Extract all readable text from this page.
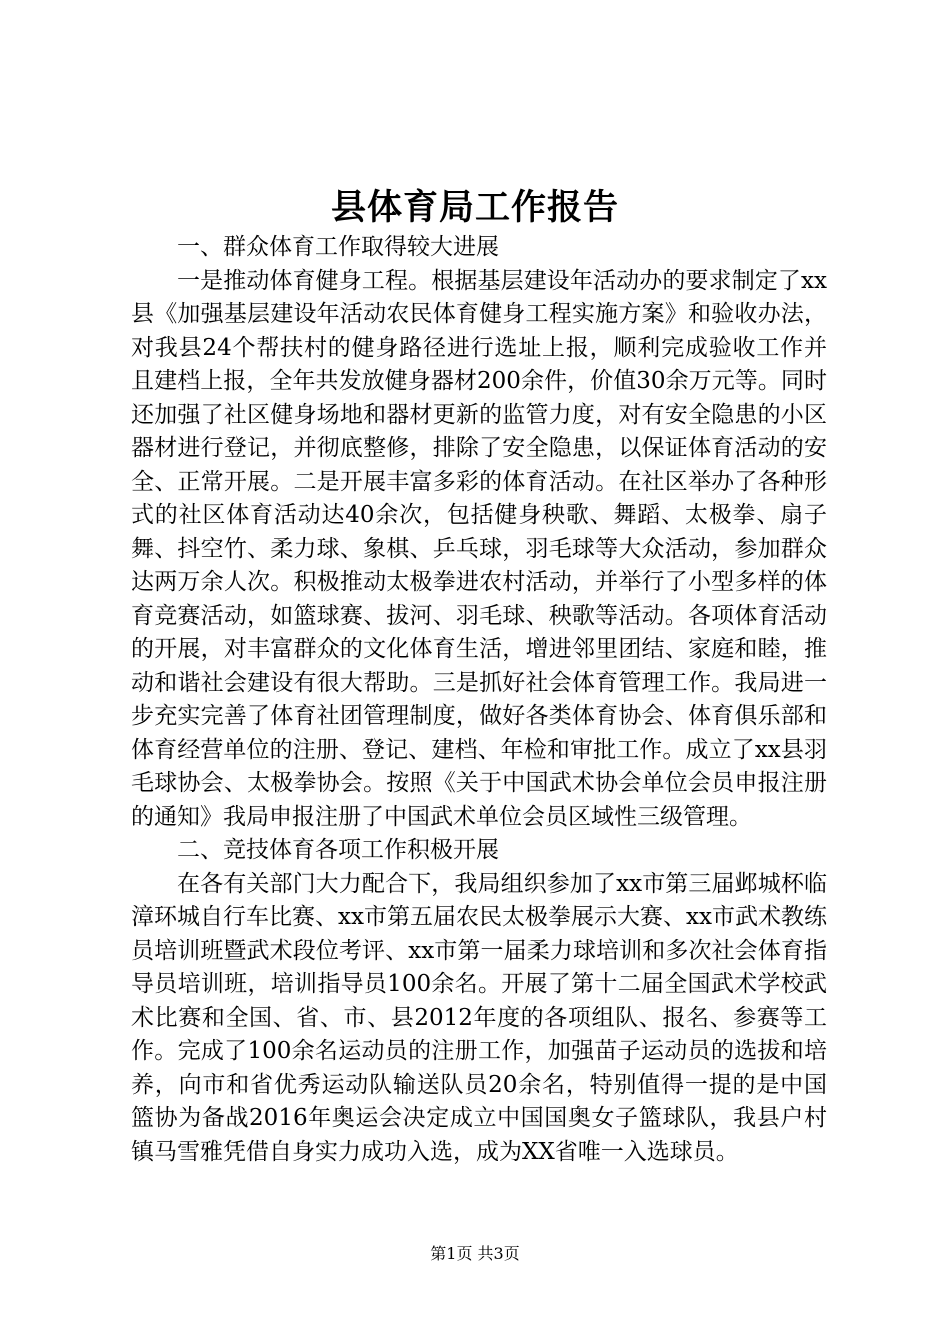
县体育局工作报告

一、群众体育工作取得较大进展

一是推动体育健身工程。根据基层建设年活动办的要求制定了xx县《加强基层建设年活动农民体育健身工程实施方案》和验收办法，对我县24个帮扶村的健身路径进行选址上报，顺利完成验收工作并且建档上报，全年共发放健身器材200余件，价值30余万元等。同时还加强了社区健身场地和器材更新的监管力度，对有安全隐患的小区器材进行登记，并彻底整修，排除了安全隐患，以保证体育活动的安全、正常开展。二是开展丰富多彩的体育活动。在社区举办了各种形式的社区体育活动达40余次，包括健身秧歌、舞蹈、太极拳、扇子舞、抖空竹、柔力球、象棋、乒乓球，羽毛球等大众活动，参加群众达两万余人次。积极推动太极拳进农村活动，并举行了小型多样的体育竞赛活动，如篮球赛、拔河、羽毛球、秧歌等活动。各项体育活动的开展，对丰富群众的文化体育生活，增进邻里团结、家庭和睦，推动和谐社会建设有很大帮助。三是抓好社会体育管理工作。我局进一步充实完善了体育社团管理制度，做好各类体育协会、体育俱乐部和体育经营单位的注册、登记、建档、年检和审批工作。成立了xx县羽毛球协会、太极拳协会。按照《关于中国武术协会单位会员申报注册的通知》我局申报注册了中国武术单位会员区域性三级管理。

二、竞技体育各项工作积极开展

在各有关部门大力配合下，我局组织参加了xx市第三届邺城杯临漳环城自行车比赛、xx市第五届农民太极拳展示大赛、xx市武术教练员培训班暨武术段位考评、xx市第一届柔力球培训和多次社会体育指导员培训班，培训指导员100余名。开展了第十二届全国武术学校武术比赛和全国、省、市、县2012年度的各项组队、报名、参赛等工作。完成了100余名运动员的注册工作，加强苗子运动员的选拔和培养，向市和省优秀运动队输送队员20余名，特别值得一提的是中国篮协为备战2016年奥运会决定成立中国国奥女子篮球队，我县户村镇马雪雅凭借自身实力成功入选，成为XX省唯一入选球员。

第1页 共3页
